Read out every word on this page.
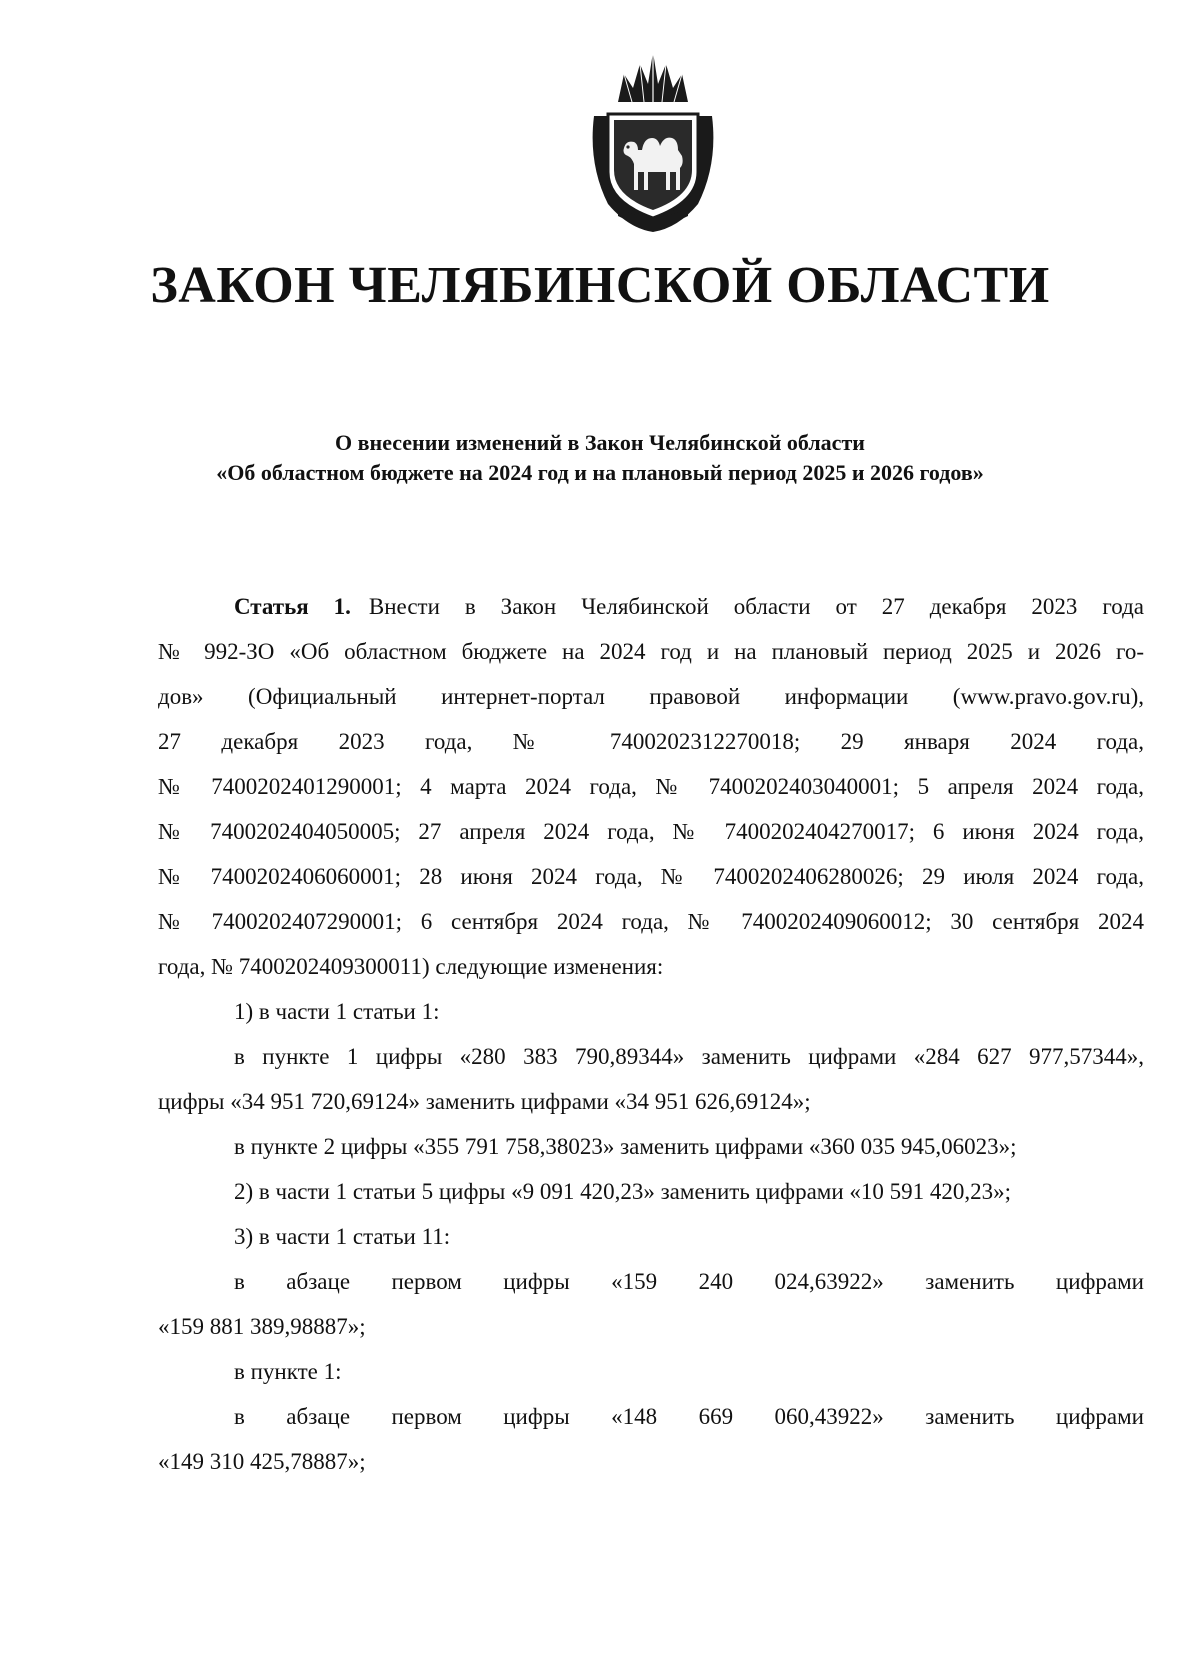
ЗАКОН ЧЕЛЯБИНСКОЙ ОБЛАСТИ
О внесении изменений в Закон Челябинской области
«Об областном бюджете на 2024 год и на плановый период 2025 и 2026 годов»
Статья 1. Внести в Закон Челябинской области от 27 декабря 2023 года
№ 992-ЗО «Об областном бюджете на 2024 год и на плановый период 2025 и 2026 го-
дов» (Официальный интернет-портал правовой информации (www.pravo.gov.ru),
27 декабря 2023 года, № 7400202312270018; 29 января 2024 года,
№ 7400202401290001; 4 марта 2024 года, № 7400202403040001; 5 апреля 2024 года,
№ 7400202404050005; 27 апреля 2024 года, № 7400202404270017; 6 июня 2024 года,
№ 7400202406060001; 28 июня 2024 года, № 7400202406280026; 29 июля 2024 года,
№ 7400202407290001; 6 сентября 2024 года, № 7400202409060012; 30 сентября 2024
года, № 7400202409300011) следующие изменения:
1) в части 1 статьи 1:
в пункте 1 цифры «280 383 790,89344» заменить цифрами «284 627 977,57344»,
цифры «34 951 720,69124» заменить цифрами «34 951 626,69124»;
в пункте 2 цифры «355 791 758,38023» заменить цифрами «360 035 945,06023»;
2) в части 1 статьи 5 цифры «9 091 420,23» заменить цифрами «10 591 420,23»;
3) в части 1 статьи 11:
в абзаце первом цифры «159 240 024,63922» заменить цифрами
«159 881 389,98887»;
в пункте 1:
в абзаце первом цифры «148 669 060,43922» заменить цифрами
«149 310 425,78887»;
